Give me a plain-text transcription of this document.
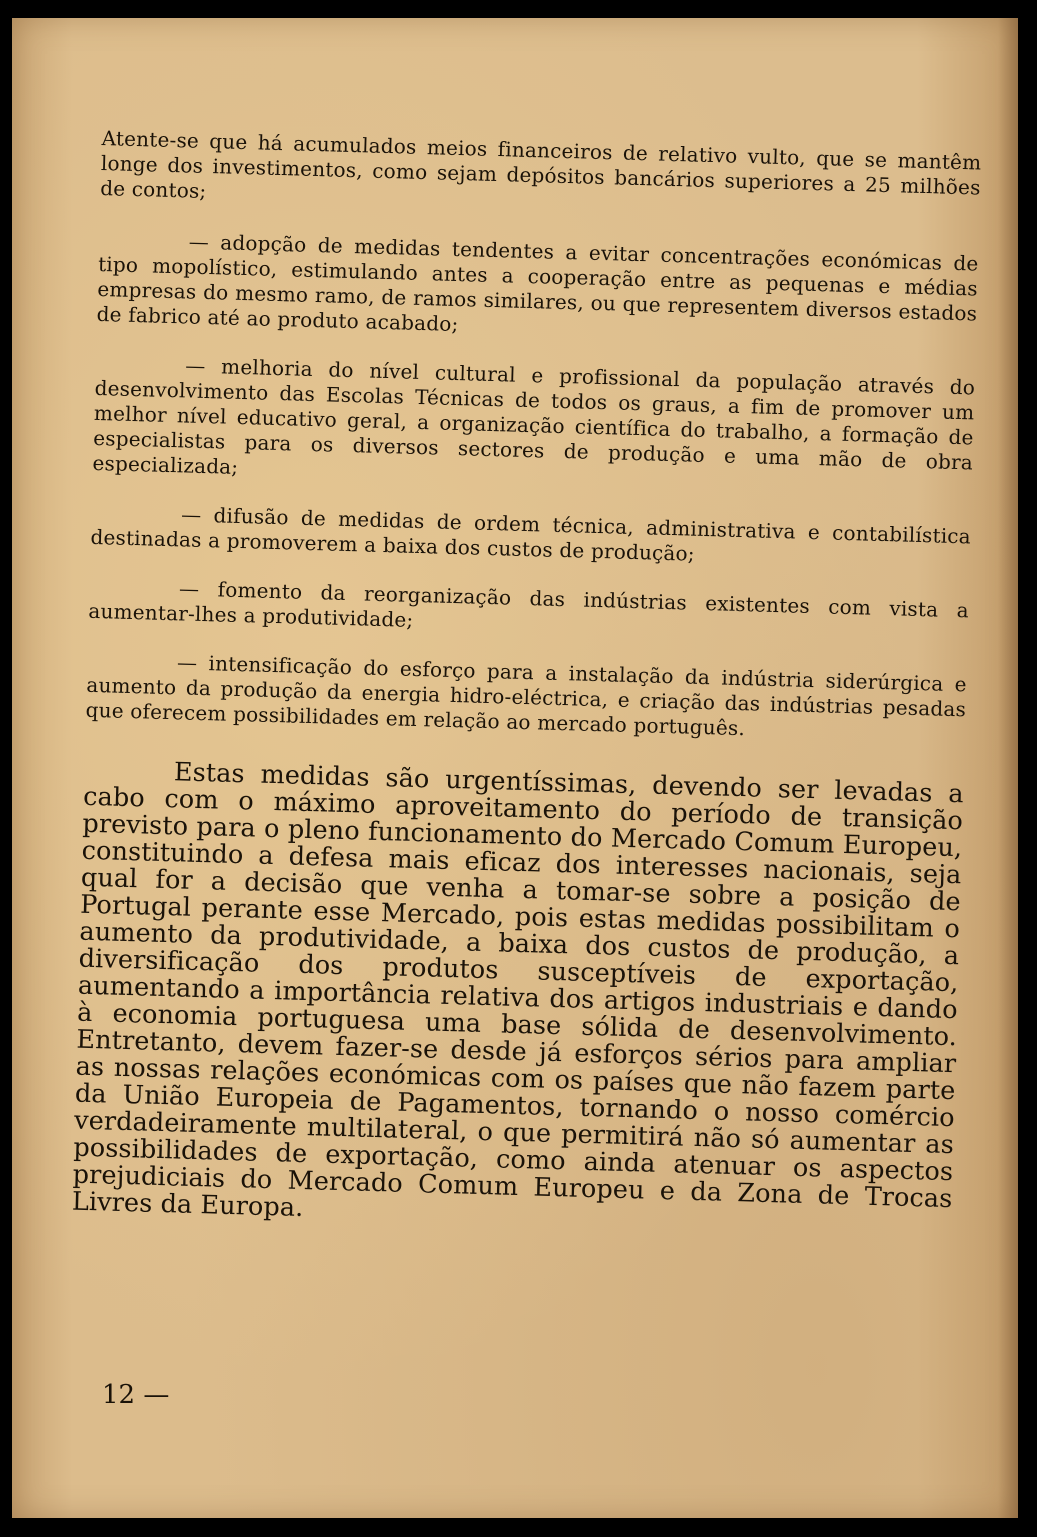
Atente-se que há acumulados meios financeiros de relativo vulto, que se mantêm longe dos investimentos, como sejam depósitos bancários superiores a 25 milhões de contos;

— adopção de medidas tendentes a evitar concentrações económicas de tipo mopolístico, estimulando antes a cooperação entre as pequenas e médias empresas do mesmo ramo, de ramos similares, ou que representem diversos estados de fabrico até ao produto acabado;

— melhoria do nível cultural e profissional da população através do desenvolvimento das Escolas Técnicas de todos os graus, a fim de promover um melhor nível educativo geral, a organização científica do trabalho, a formação de especialistas para os diversos sectores de produção e uma mão de obra especializada;

— difusão de medidas de ordem técnica, administrativa e contabilística destinadas a promoverem a baixa dos custos de produção;

— fomento da reorganização das indústrias existentes com vista a aumentar-lhes a produtividade;

— intensificação do esforço para a instalação da indústria siderúrgica e aumento da produção da energia hidro-eléctrica, e criação das indústrias pesadas que oferecem possibilidades em relação ao mercado português.

Estas medidas são urgentíssimas, devendo ser levadas a cabo com o máximo aproveitamento do período de transição previsto para o pleno funcionamento do Mercado Comum Europeu, constituindo a defesa mais eficaz dos interesses nacionais, seja qual for a decisão que venha a tomar-se sobre a posição de Portugal perante esse Mercado, pois estas medidas possibilitam o aumento da produtividade, a baixa dos custos de produção, a diversificação dos produtos susceptíveis de exportação, aumentando a importância relativa dos artigos industriais e dando à economia portuguesa uma base sólida de desenvolvimento. Entretanto, devem fazer-se desde já esforços sérios para ampliar as nossas relações económicas com os países que não fazem parte da União Europeia de Pagamentos, tornando o nosso comércio verdadeiramente multilateral, o que permitirá não só aumentar as possibilidades de exportação, como ainda atenuar os aspectos prejudiciais do Mercado Comum Europeu e da Zona de Trocas Livres da Europa.

12 —
